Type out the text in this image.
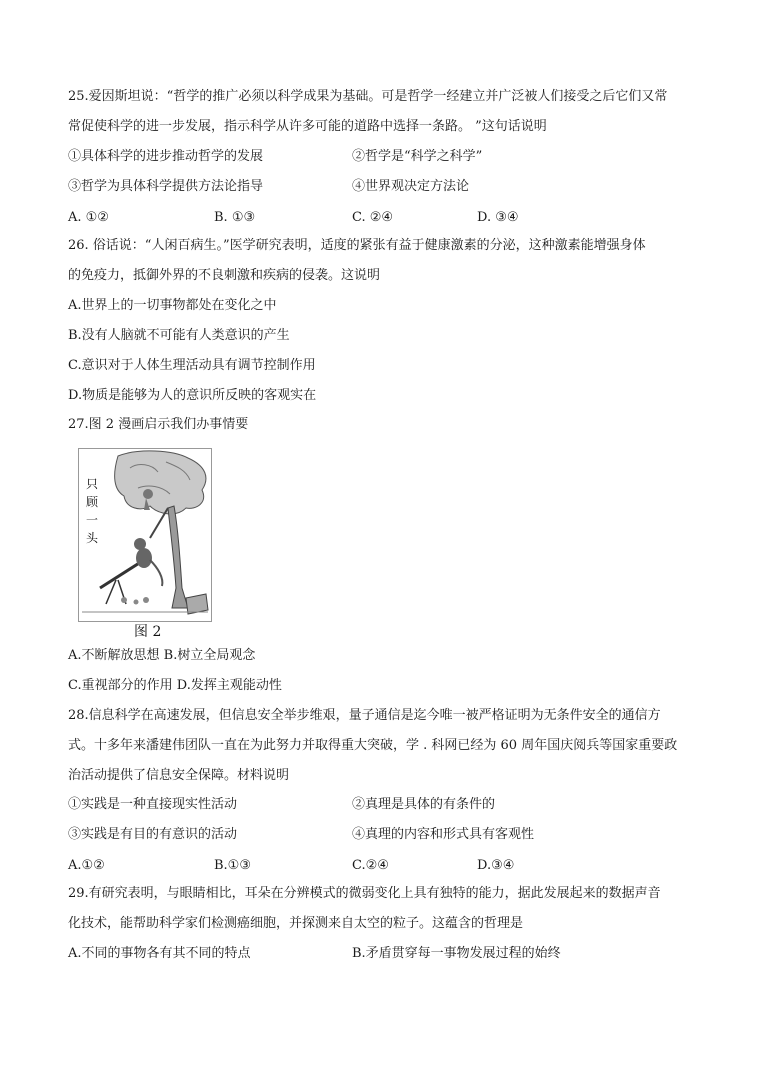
25.爱因斯坦说：“哲学的推广必须以科学成果为基础。可是哲学一经建立并广泛被人们接受之后它们又常
常促使科学的进一步发展，指示科学从许多可能的道路中选择一条路。 ”这句话说明
①具体科学的进步推动哲学的发展	②哲学是“科学之科学”
③哲学为具体科学提供方法论指导	④世界观决定方法论
A. ①②	B. ①③	C. ②④	D. ③④
26. 俗话说：“人闲百病生。”医学研究表明，适度的紧张有益于健康激素的分泌，这种激素能增强身体
的免疫力，抵御外界的不良刺激和疾病的侵袭。这说明
A.世界上的一切事物都处在变化之中
B.没有人脑就不可能有人类意识的产生
C.意识对于人体生理活动具有调节控制作用
D.物质是能够为人的意识所反映的客观实在
27.图 2 漫画启示我们办事情要
只
顾
一
头
图 2
A.不断解放思想 B.树立全局观念
C.重视部分的作用 D.发挥主观能动性
28.信息科学在高速发展，但信息安全举步维艰，量子通信是迄今唯一被严格证明为无条件安全的通信方
式。十多年来潘建伟团队一直在为此努力并取得重大突破，学 . 科网已经为 60 周年国庆阅兵等国家重要政
治活动提供了信息安全保障。材料说明
①实践是一种直接现实性活动	②真理是具体的有条件的
③实践是有目的有意识的活动	④真理的内容和形式具有客观性
A.①②	B.①③	C.②④	D.③④
29.有研究表明，与眼睛相比，耳朵在分辨模式的微弱变化上具有独特的能力，据此发展起来的数据声音
化技术，能帮助科学家们检测癌细胞，并探测来自太空的粒子。这蕴含的哲理是
A.不同的事物各有其不同的特点	B.矛盾贯穿每一事物发展过程的始终
